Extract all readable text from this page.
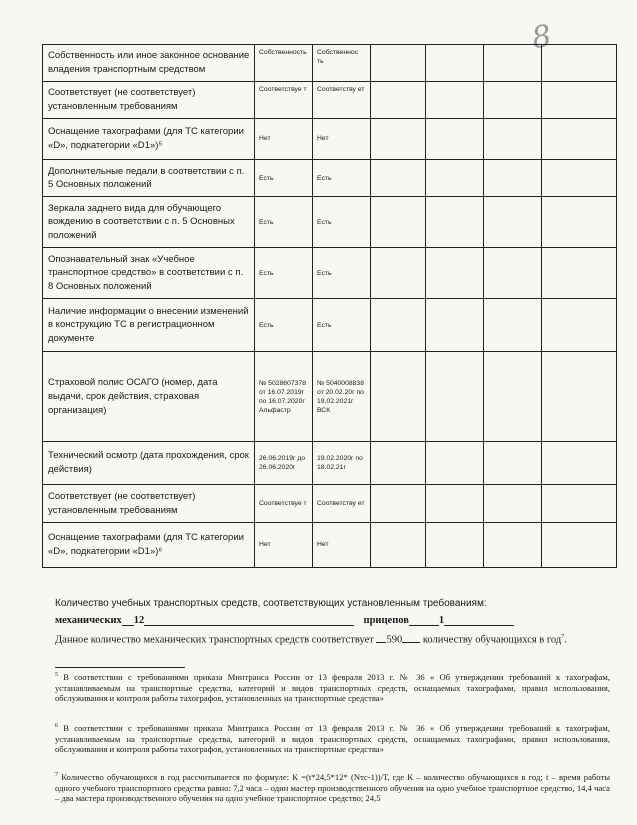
8
Собственность или иное законное основание владения транспортным средством	Собственность	Собственнос ть				
Соответствует (не соответствует) установленным требованиям	Соответствуе т	Соответству ет				
Оснащение тахографами (для ТС категории «D», подкатегории «D1»)⁵	Нет	Нет				
Дополнительные педали в соответствии с п. 5 Основных положений	Есть	Есть				
Зеркала заднего вида для обучающего вождению в соответствии с п. 5 Основных положений	Есть	Есть				
Опознавательный знак «Учебное транспортное средство» в соответствии с п. 8 Основных положений	Есть	Есть				
Наличие информации о внесении изменений в конструкцию ТС в регистрационном документе	Есть	Есть				
Страховой полис ОСАГО (номер, дата выдачи, срок действия, страховая организация)	№ 5028607378 от 16.07.2019г по 16.07.2020г Альфастр	№ 5040008838 от 20.02.20г по 19.02.2021г ВСК				
Технический осмотр (дата прохождения, срок действия)	26.06.2019г до 26.06.2020г	19.02.2020г по 18.02.21г				
Соответствует (не соответствует) установленным требованиям	Соответствуе т	Соответству ет				
Оснащение тахографами (для ТС категории «D», подкатегории «D1»)⁶	Нет	Нет				
Количество учебных транспортных средств, соответствующих установленным требованиям:
механических 12	прицепов	1
Данное количество механических транспортных средств соответствует 590 количеству обучающихся в год$^7$.
$^5$ В соответствии с требованиями приказа Минтранса России от 13 февраля 2013 г. № 36 « Об утверждении требований к тахографам, устанавливаемым на транспортные средства, категорий и видов транспортных средств, оснащаемых тахографами, правил использования, обслуживания и контроля работы тахографов, установленных на транспортные средства»
$^6$ В соответствии с требованиями приказа Минтранса России от 13 февраля 2013 г. № 36 « Об утверждении требований к тахографам, устанавливаемым на транспортные средства, категорий и видов транспортных средств, оснащаемых тахографами, правил использования, обслуживания и контроля работы тахографов, установленных на транспортные средства»
$^7$ Количество обучающихся в год рассчитывается по формуле: К =(t*24,5*12* (Nтс-1))/Т, где К – количество обучающихся в год; t – время работы одного учебного транспортного средства равно: 7,2 часа – один мастер производственного обучения на одно учебное транспортное средство, 14,4 часа – два мастера производственного обучения на одно учебное транспортное средство; 24,5
